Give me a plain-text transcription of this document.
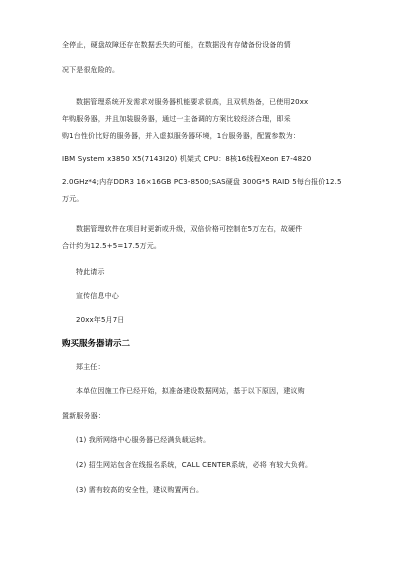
全停止，硬盘故障还存在数据丢失的可能，在数据没有存储备份设备的情
况下是很危险的。
数据管理系统开发需求对服务器机能要求很高，且双机热备，已使用20xx
年购服务器，并且加装服务器，通过一主备调的方案比较经济合理，即采
购1台性价比好的服务器，并入虚拟服务器环境，1台服务器，配置参数为：
IBM System x3850 X5(7143I20) 机架式 CPU：8核16线程Xeon E7-4820
2.0GHz*4;内存DDR3 16×16GB PC3-8500;SAS硬盘 300G*5 RAID 5每台报价12.5
万元。
数据管理软件在项目时更新或升级，双倍价格可控制在5万左右，故硬件
合计约为12.5+5=17.5万元。
特此请示
宣传信息中心
20xx年5月7日
购买服务器请示二
郑主任：
本单位因施工作已经开始，拟准备建设数据网站，基于以下原因，建议购
置新服务器：
(1) 我所网络中心服务器已经满负载运转。
(2) 招生网站包含在线报名系统，CALL CENTER系统，必将 有较大负荷。
(3) 需有较高的安全性，建议购置两台。
